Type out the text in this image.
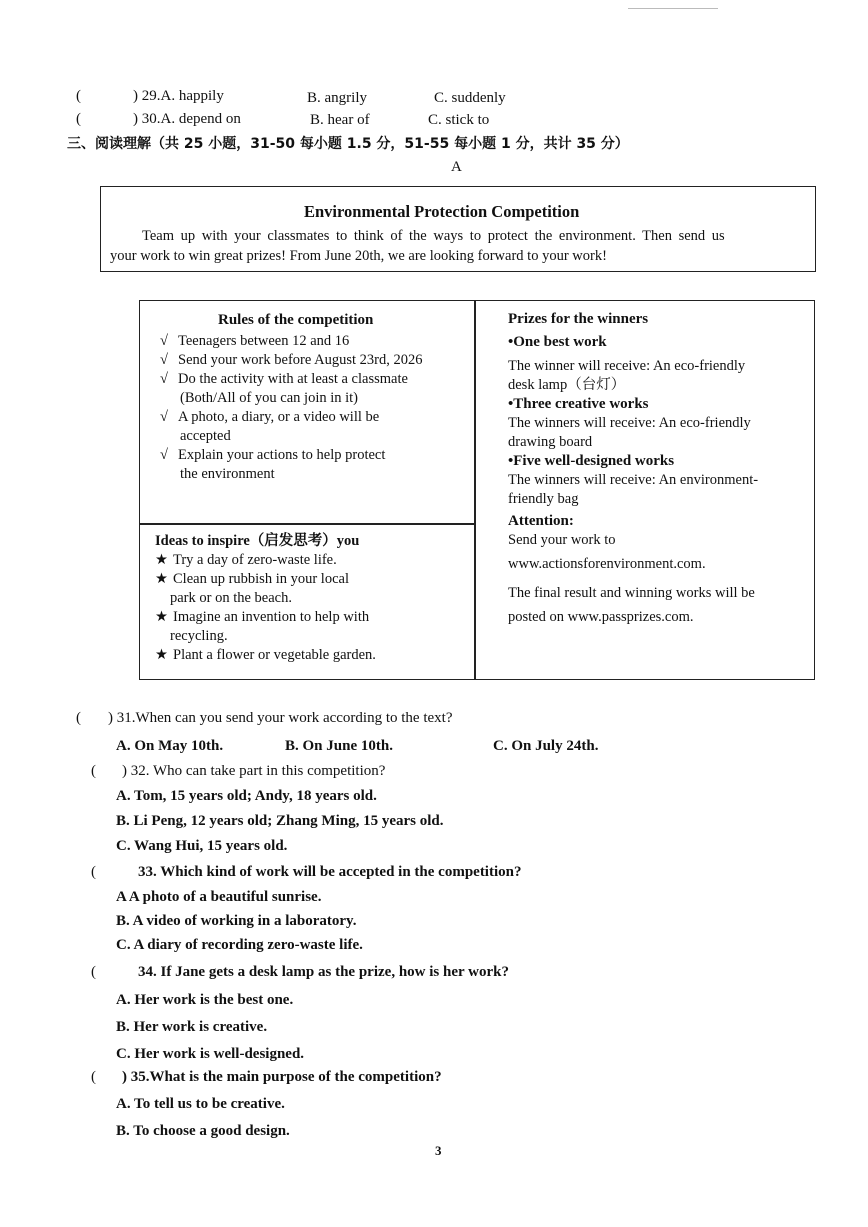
(	) 29.A. happily	B. angrily	C. suddenly
(	) 30.A. depend on	B. hear of	C. stick to
三、阅读理解（共 25 小题，31-50 每小题 1.5 分，51-55 每小题 1 分，共计 35 分）
A
Environmental Protection Competition
Team up with your classmates to think of the ways to protect the environment. Then send us
your work to win great prizes! From June 20th, we are looking forward to your work!

Rules of the competition

√ Teenagers between 12 and 16

√ Send your work before August 23rd, 2026

√ Do the activity with at least a classmate

(Both/All of you can join in it)

√ A photo, a diary, or a video will be

accepted

√ Explain your actions to help protect

the environment

Ideas to inspire（启发思考）you

★ Try a day of zero-waste life.

★ Clean up rubbish in your local

park or on the beach.

★ Imagine an invention to help with

recycling.

★ Plant a flower or vegetable garden.

Prizes for the winners

•One best work

The winner will receive: An eco-friendly

desk lamp（台灯）

•Three creative works

The winners will receive: An eco-friendly

drawing board

•Five well-designed works

The winners will receive: An environment-

friendly bag

Attention:

Send your work to

www.actionsforenvironment.com.

The final result and winning works will be

posted on www.passprizes.com.

( ) 31.When can you send your work according to the text?
A. On May 10th.	B. On June 10th.	C. On July 24th.
( ) 32. Who can take part in this competition?
A. Tom, 15 years old; Andy, 18 years old.
B. Li Peng, 12 years old; Zhang Ming, 15 years old.
C. Wang Hui, 15 years old.
(	33. Which kind of work will be accepted in the competition?
A A photo of a beautiful sunrise.
B. A video of working in a laboratory.
C. A diary of recording zero-waste life.
(	34. If Jane gets a desk lamp as the prize, how is her work?
A. Her work is the best one.
B. Her work is creative.
C. Her work is well-designed.
( ) 35.What is the main purpose of the competition?
A. To tell us to be creative.
B. To choose a good design.
3
